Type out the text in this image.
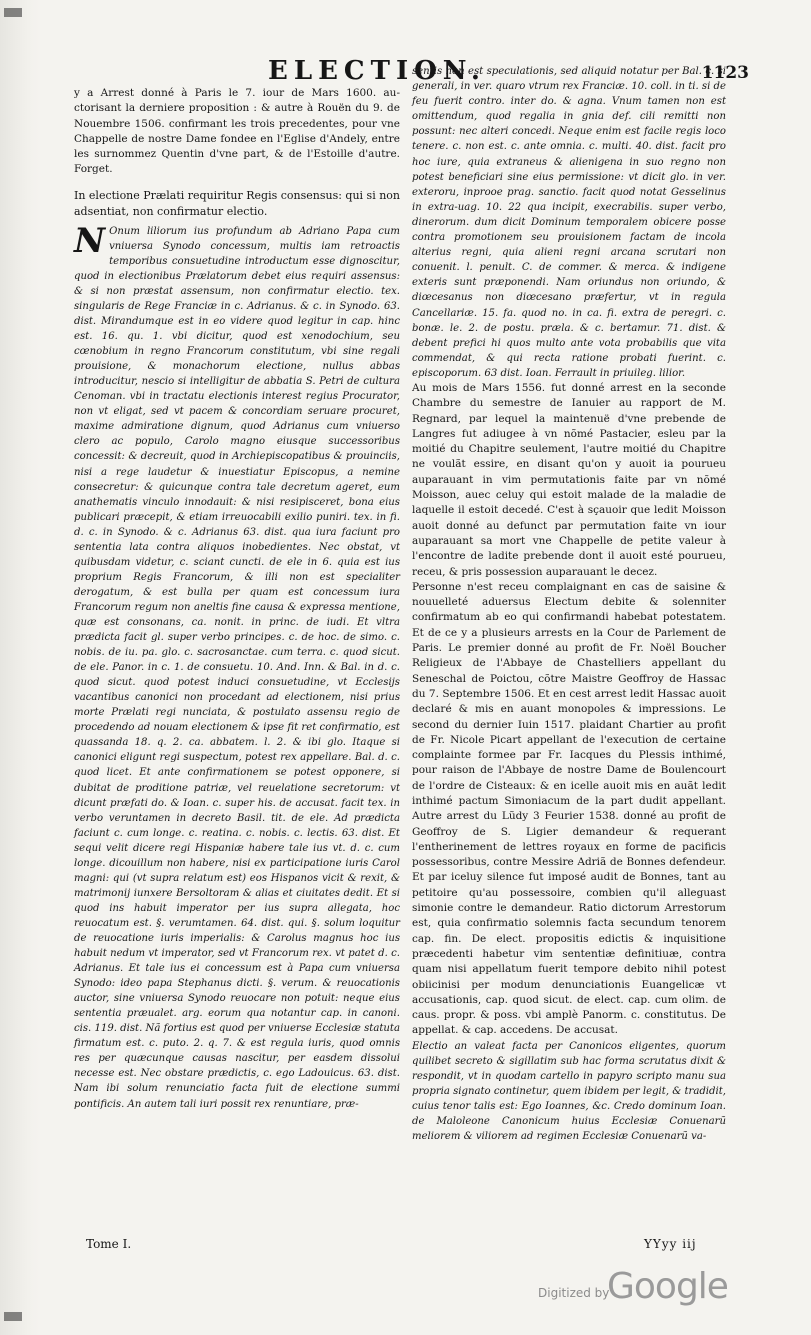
ELECTION.	1123

y a Arrest donné à Paris le 7. iour de Mars 1600. au-ctorisant la derniere proposition : & autre à Rouën du 9. de Nouembre 1506. confirmant les trois precedentes, pour vne Chappelle de nostre Dame fondee en l'Eglise d'Andely, entre les surnommez Quentin d'vne part, & de l'Estoille d'autre. Forget.

In electione Prælati requiritur Regis consensus: qui si non adsentiat, non confirmatur electio.

N Onum liliorum ius profundum ab Adriano Papa cum vniuersa Synodo concessum, multis iam retroactis temporibus consuetudine introductum esse dignoscitur, quod in electionibus Prælatorum debet eius requiri assensus: & si non præstat assensum, non confirmatur electio. tex. singularis de Rege Franciæ in c. Adrianus. & c. in Synodo. 63. dist. Mirandumque est in eo videre quod legitur in cap. hinc est. 16. qu. 1. vbi dicitur, quod est xenodochium, seu cœnobium in regno Francorum constitutum, vbi sine regali prouisione, & monachorum electione, nullus abbas introducitur, nescio si intelligitur de abbatia S. Petri de cultura Cenoman. vbi in tractatu electionis interest regius Procurator, non vt eligat, sed vt pacem & concordiam seruare procuret, maxime admiratione dignum, quod Adrianus cum vniuerso clero ac populo, Carolo magno eiusque successoribus concessit: & decreuit, quod in Archiepiscopatibus & prouinciis, nisi a rege laudetur & inuestiatur Episcopus, a nemine consecretur: & quicunque contra tale decretum ageret, eum anathematis vinculo innodauit: & nisi resipisceret, bona eius publicari præcepit, & etiam irreuocabili exilio puniri. tex. in fi. d. c. in Synodo. & c. Adrianus 63. dist. qua iura faciunt pro sententia lata contra aliquos inobedientes. Nec obstat, vt quibusdam videtur, c. sciant cuncti. de ele in 6. quia est ius proprium Regis Francorum, & illi non est specialiter derogatum, & est bulla per quam est concessum iura Francorum regum non aneltis fine causa & expressa mentione, quæ est consonans, ca. nonit. in princ. de iudi. Et vltra prædicta facit gl. super verbo principes. c. de hoc. de simo. c. nobis. de iu. pa. glo. c. sacrosanctae. cum terra. c. quod sicut. de ele. Panor. in c. 1. de consuetu. 10. And. Inn. & Bal. in d. c. quod sicut. quod potest induci consuetudine, vt Ecclesijs vacantibus canonici non procedant ad electionem, nisi prius morte Prælati regi nunciata, & postulato assensu regio de procedendo ad nouam electionem & ipse fit ret confirmatio, est quassanda 18. q. 2. ca. abbatem. l. 2. & ibi glo. Itaque si canonici eligunt regi suspectum, potest rex appellare. Bal. d. c. quod licet. Et ante confirmationem se potest opponere, si dubitat de proditione patriæ, vel reuelatione secretorum: vt dicunt præfati do. & Ioan. c. super his. de accusat. facit tex. in verbo veruntamen in decreto Basil. tit. de ele. Ad prædicta faciunt c. cum longe. c. reatina. c. nobis. c. lectis. 63. dist. Et sequi velit dicere regi Hispaniæ habere tale ius vt. d. c. cum longe. dicouillum non habere, nisi ex participatione iuris Carol magni: qui (vt supra relatum est) eos Hispanos vicit & rexit, & matrimonij iunxere Bersoltoram & alias et ciuitates dedit. Et si quod ins habuit imperator per ius supra allegata, hoc reuocatum est. §. verumtamen. 64. dist. qui. §. solum loquitur de reuocatione iuris imperialis: & Carolus magnus hoc ius habuit nedum vt imperator, sed vt Francorum rex. vt patet d. c. Adrianus. Et tale ius ei concessum est à Papa cum vniuersa Synodo: ideo papa Stephanus dicti. §. verum. & reuocationis auctor, sine vniuersa Synodo reuocare non potuit: neque eius sententia præualet. arg. eorum qua notantur cap. in canoni. cis. 119. dist. Nã fortius est quod per vniuerse Ecclesiæ statuta firmatum est. c. puto. 2. q. 7. & est regula iuris, quod omnis res per quæcunque causas nascitur, per easdem dissolui necesse est. Nec obstare prædictis, c. ego Ladouicus. 63. dist. Nam ibi solum renunciatio facta fuit de electione summi pontificis. An autem tali iuri possit rex renuntiare, præ-

sentis non est speculationis, sed aliquid notatur per Bal. c. si generali, in ver. quaro vtrum rex Franciæ. 10. coll. in ti. si de feu fuerit contro. inter do. & agna. Vnum tamen non est omittendum, quod regalia in gnia def. cili remitti non possunt: nec alteri concedi. Neque enim est facile regis loco tenere. c. non est. c. ante omnia. c. multi. 40. dist. facit pro hoc iure, quia extraneus & alienigena in suo regno non potest beneficiari sine eius permissione: vt dicit glo. in ver. exteroru, inprooe prag. sanctio. facit quod notat Gesselinus in extra-uag. 10. 22 qua incipit, execrabilis. super verbo, dinerorum. dum dicit Dominum temporalem obicere posse contra promotionem seu prouisionem factam de incola alterius regni, quia alieni regni arcana scrutari non conuenit. l. penult. C. de commer. & merca. & indigene exteris sunt præponendi. Nam oriundus non oriundo, & diœcesanus non diœcesano præfertur, vt in regula Cancellariæ. 15. fa. quod no. in ca. fi. extra de peregri. c. bonæ. le. 2. de postu. præla. & c. bertamur. 71. dist. & debent prefici hi quos multo ante vota probabilis que vita commendat, & qui recta ratione probati fuerint. c. episcoporum. 63 dist. Ioan. Ferrault in priuileg. lilior.

Au mois de Mars 1556. fut donné arrest en la seconde Chambre du semestre de Ianuier au rapport de M. Regnard, par lequel la maintenuë d'vne prebende de Langres fut adiugee à vn nõmé Pastacier, esleu par la moitié du Chapitre seulement, l'autre moitié du Chapitre ne voulãt essire, en disant qu'on y auoit ia pourueu auparauant in vim permutationis faite par vn nõmé Moisson, auec celuy qui estoit malade de la maladie de laquelle il estoit decedé. C'est à sçauoir que ledit Moisson auoit donné au defunct par permutation faite vn iour auparauant sa mort vne Chappelle de petite valeur à l'encontre de ladite prebende dont il auoit esté pourueu, receu, & pris possession auparauant le decez.

Personne n'est receu complaignant en cas de saisine & nouuelleté aduersus Electum debite & solenniter confirmatum ab eo qui confirmandi habebat potestatem. Et de ce y a plusieurs arrests en la Cour de Parlement de Paris. Le premier donné au profit de Fr. Noël Boucher Religieux de l'Abbaye de Chastelliers appellant du Seneschal de Poictou, cõtre Maistre Geoffroy de Hassac du 7. Septembre 1506. Et en cest arrest ledit Hassac auoit declaré & mis en auant monopoles & impressions. Le second du dernier Iuin 1517. plaidant Chartier au profit de Fr. Nicole Picart appellant de l'execution de certaine complainte formee par Fr. Iacques du Plessis inthimé, pour raison de l'Abbaye de nostre Dame de Boulencourt de l'ordre de Cisteaux: & en icelle auoit mis en auãt ledit inthimé pactum Simoniacum de la part dudit appellant. Autre arrest du Lũdy 3 Feurier 1538. donné au profit de Geoffroy de S. Ligier demandeur & requerant l'entherinement de lettres royaux en forme de pacificis possessoribus, contre Messire Adriã de Bonnes defendeur. Et par iceluy silence fut imposé audit de Bonnes, tant au petitoire qu'au possessoire, combien qu'il alleguast simonie contre le demandeur. Ratio dictorum Arrestorum est, quia confirmatio solemnis facta secundum tenorem cap. fin. De elect. propositis edictis & inquisitione præcedenti habetur vim sententiæ definitiuæ, contra quam nisi appellatum fuerit tempore debito nihil potest obiicinisi per modum denunciationis Euangelicæ vt accusationis, cap. quod sicut. de elect. cap. cum olim. de caus. propr. & poss. vbi amplè Panorm. c. constitutus. De appellat. & cap. accedens. De accusat.

Electio an valeat facta per Canonicos eligentes, quorum quilibet secreto & sigillatim sub hac forma scrutatus dixit & respondit, vt in quodam cartello in papyro scripto manu sua propria signato continetur, quem ibidem per legit, & tradidit, cuius tenor talis est: Ego Ioannes, &c. Credo dominum Ioan. de Maloleone Canonicum huius Ecclesiæ Conuenarũ meliorem & viliorem ad regimen Ecclesiæ Conuenarũ va-

Tome I.	YYyy iij
Digitized by
Google
